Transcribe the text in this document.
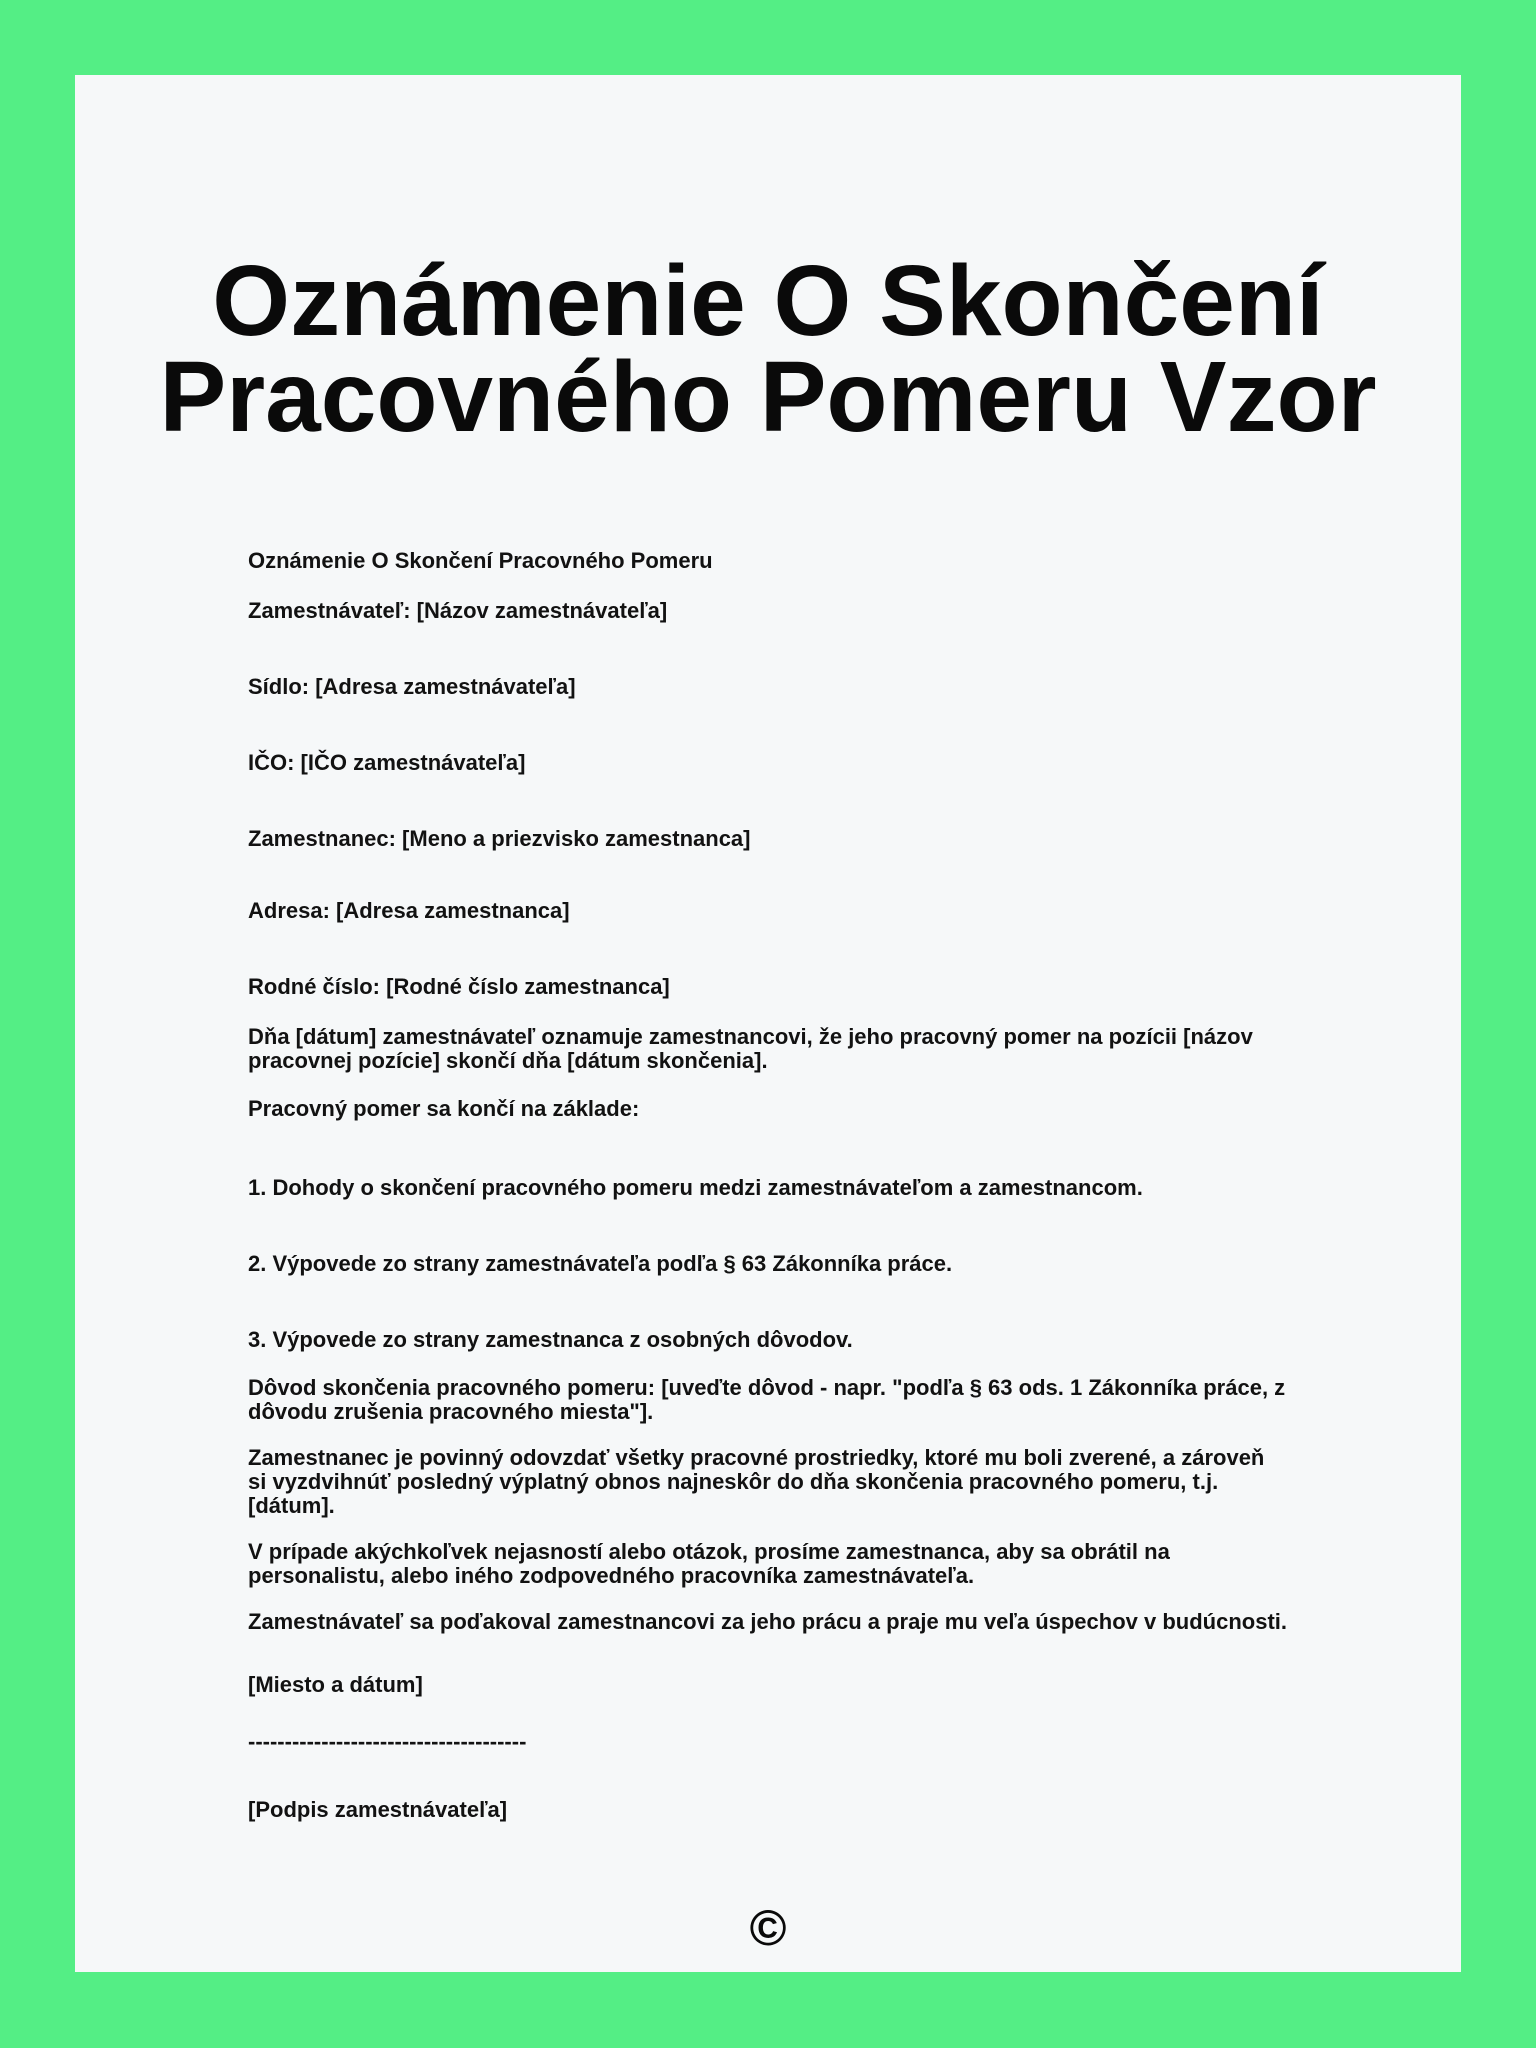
Oznámenie O Skončení Pracovného Pomeru Vzor

Oznámenie O Skončení Pracovného Pomeru

Zamestnávateľ: [Názov zamestnávateľa]

Sídlo: [Adresa zamestnávateľa]

IČO: [IČO zamestnávateľa]

Zamestnanec: [Meno a priezvisko zamestnanca]

Adresa: [Adresa zamestnanca]

Rodné číslo: [Rodné číslo zamestnanca]

Dňa [dátum] zamestnávateľ oznamuje zamestnancovi, že jeho pracovný pomer na pozícii [názov pracovnej pozície] skončí dňa [dátum skončenia].

Pracovný pomer sa končí na základe:

1. Dohody o skončení pracovného pomeru medzi zamestnávateľom a zamestnancom.

2. Výpovede zo strany zamestnávateľa podľa § 63 Zákonníka práce.

3. Výpovede zo strany zamestnanca z osobných dôvodov.

Dôvod skončenia pracovného pomeru: [uveďte dôvod - napr. "podľa § 63 ods. 1 Zákonníka práce, z dôvodu zrušenia pracovného miesta"].

Zamestnanec je povinný odovzdať všetky pracovné prostriedky, ktoré mu boli zverené, a zároveň si vyzdvihnúť posledný výplatný obnos najneskôr do dňa skončenia pracovného pomeru, t.j. [dátum].

V prípade akýchkoľvek nejasností alebo otázok, prosíme zamestnanca, aby sa obrátil na personalistu, alebo iného zodpovedného pracovníka zamestnávateľa.

Zamestnávateľ sa poďakoval zamestnancovi za jeho prácu a praje mu veľa úspechov v budúcnosti.

[Miesto a dátum]

--------------------------------------

[Podpis zamestnávateľa]

©
